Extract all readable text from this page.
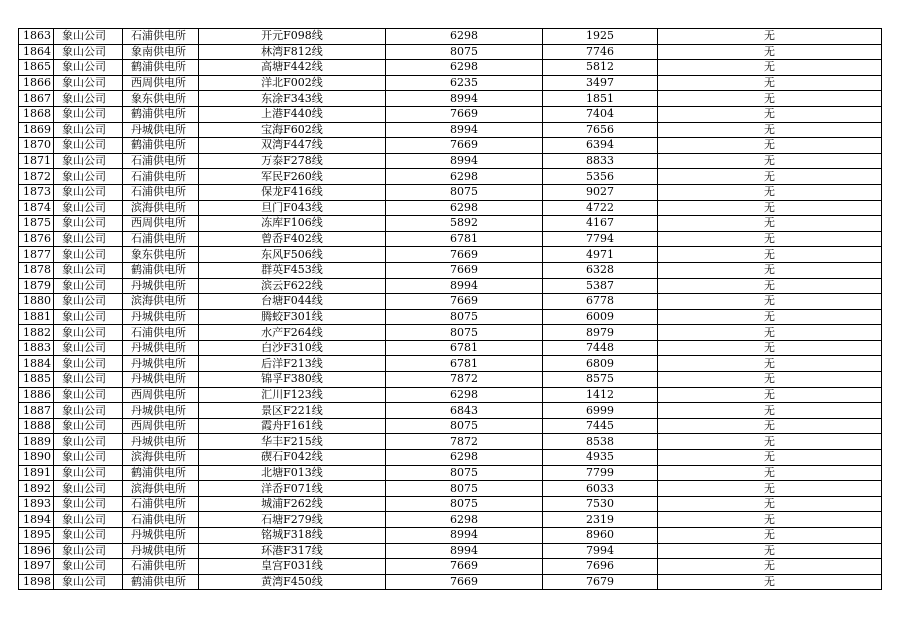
1863	象山公司	石浦供电所	开元F098线	6298	1925	无
1864	象山公司	象南供电所	林湾F812线	8075	7746	无
1865	象山公司	鹤浦供电所	高塘F442线	6298	5812	无
1866	象山公司	西周供电所	洋北F002线	6235	3497	无
1867	象山公司	象东供电所	东涂F343线	8994	1851	无
1868	象山公司	鹤浦供电所	上港F440线	7669	7404	无
1869	象山公司	丹城供电所	宝海F602线	8994	7656	无
1870	象山公司	鹤浦供电所	双湾F447线	7669	6394	无
1871	象山公司	石浦供电所	万泰F278线	8994	8833	无
1872	象山公司	石浦供电所	军民F260线	6298	5356	无
1873	象山公司	石浦供电所	保龙F416线	8075	9027	无
1874	象山公司	滨海供电所	旦门F043线	6298	4722	无
1875	象山公司	西周供电所	冻库F106线	5892	4167	无
1876	象山公司	石浦供电所	曾岙F402线	6781	7794	无
1877	象山公司	象东供电所	东风F506线	7669	4971	无
1878	象山公司	鹤浦供电所	群英F453线	7669	6328	无
1879	象山公司	丹城供电所	滨云F622线	8994	5387	无
1880	象山公司	滨海供电所	台塘F044线	7669	6778	无
1881	象山公司	丹城供电所	腾蛟F301线	8075	6009	无
1882	象山公司	石浦供电所	水产F264线	8075	8979	无
1883	象山公司	丹城供电所	白沙F310线	6781	7448	无
1884	象山公司	丹城供电所	后洋F213线	6781	6809	无
1885	象山公司	丹城供电所	锦孚F380线	7872	8575	无
1886	象山公司	西周供电所	汇川F123线	6298	1412	无
1887	象山公司	丹城供电所	景区F221线	6843	6999	无
1888	象山公司	西周供电所	霞舟F161线	8075	7445	无
1889	象山公司	丹城供电所	华丰F215线	7872	8538	无
1890	象山公司	滨海供电所	碶石F042线	6298	4935	无
1891	象山公司	鹤浦供电所	北塘F013线	8075	7799	无
1892	象山公司	滨海供电所	洋岙F071线	8075	6033	无
1893	象山公司	石浦供电所	城浦F262线	8075	7530	无
1894	象山公司	石浦供电所	石塘F279线	6298	2319	无
1895	象山公司	丹城供电所	铭城F318线	8994	8960	无
1896	象山公司	丹城供电所	环港F317线	8994	7994	无
1897	象山公司	石浦供电所	皇宫F031线	7669	7696	无
1898	象山公司	鹤浦供电所	黄湾F450线	7669	7679	无
